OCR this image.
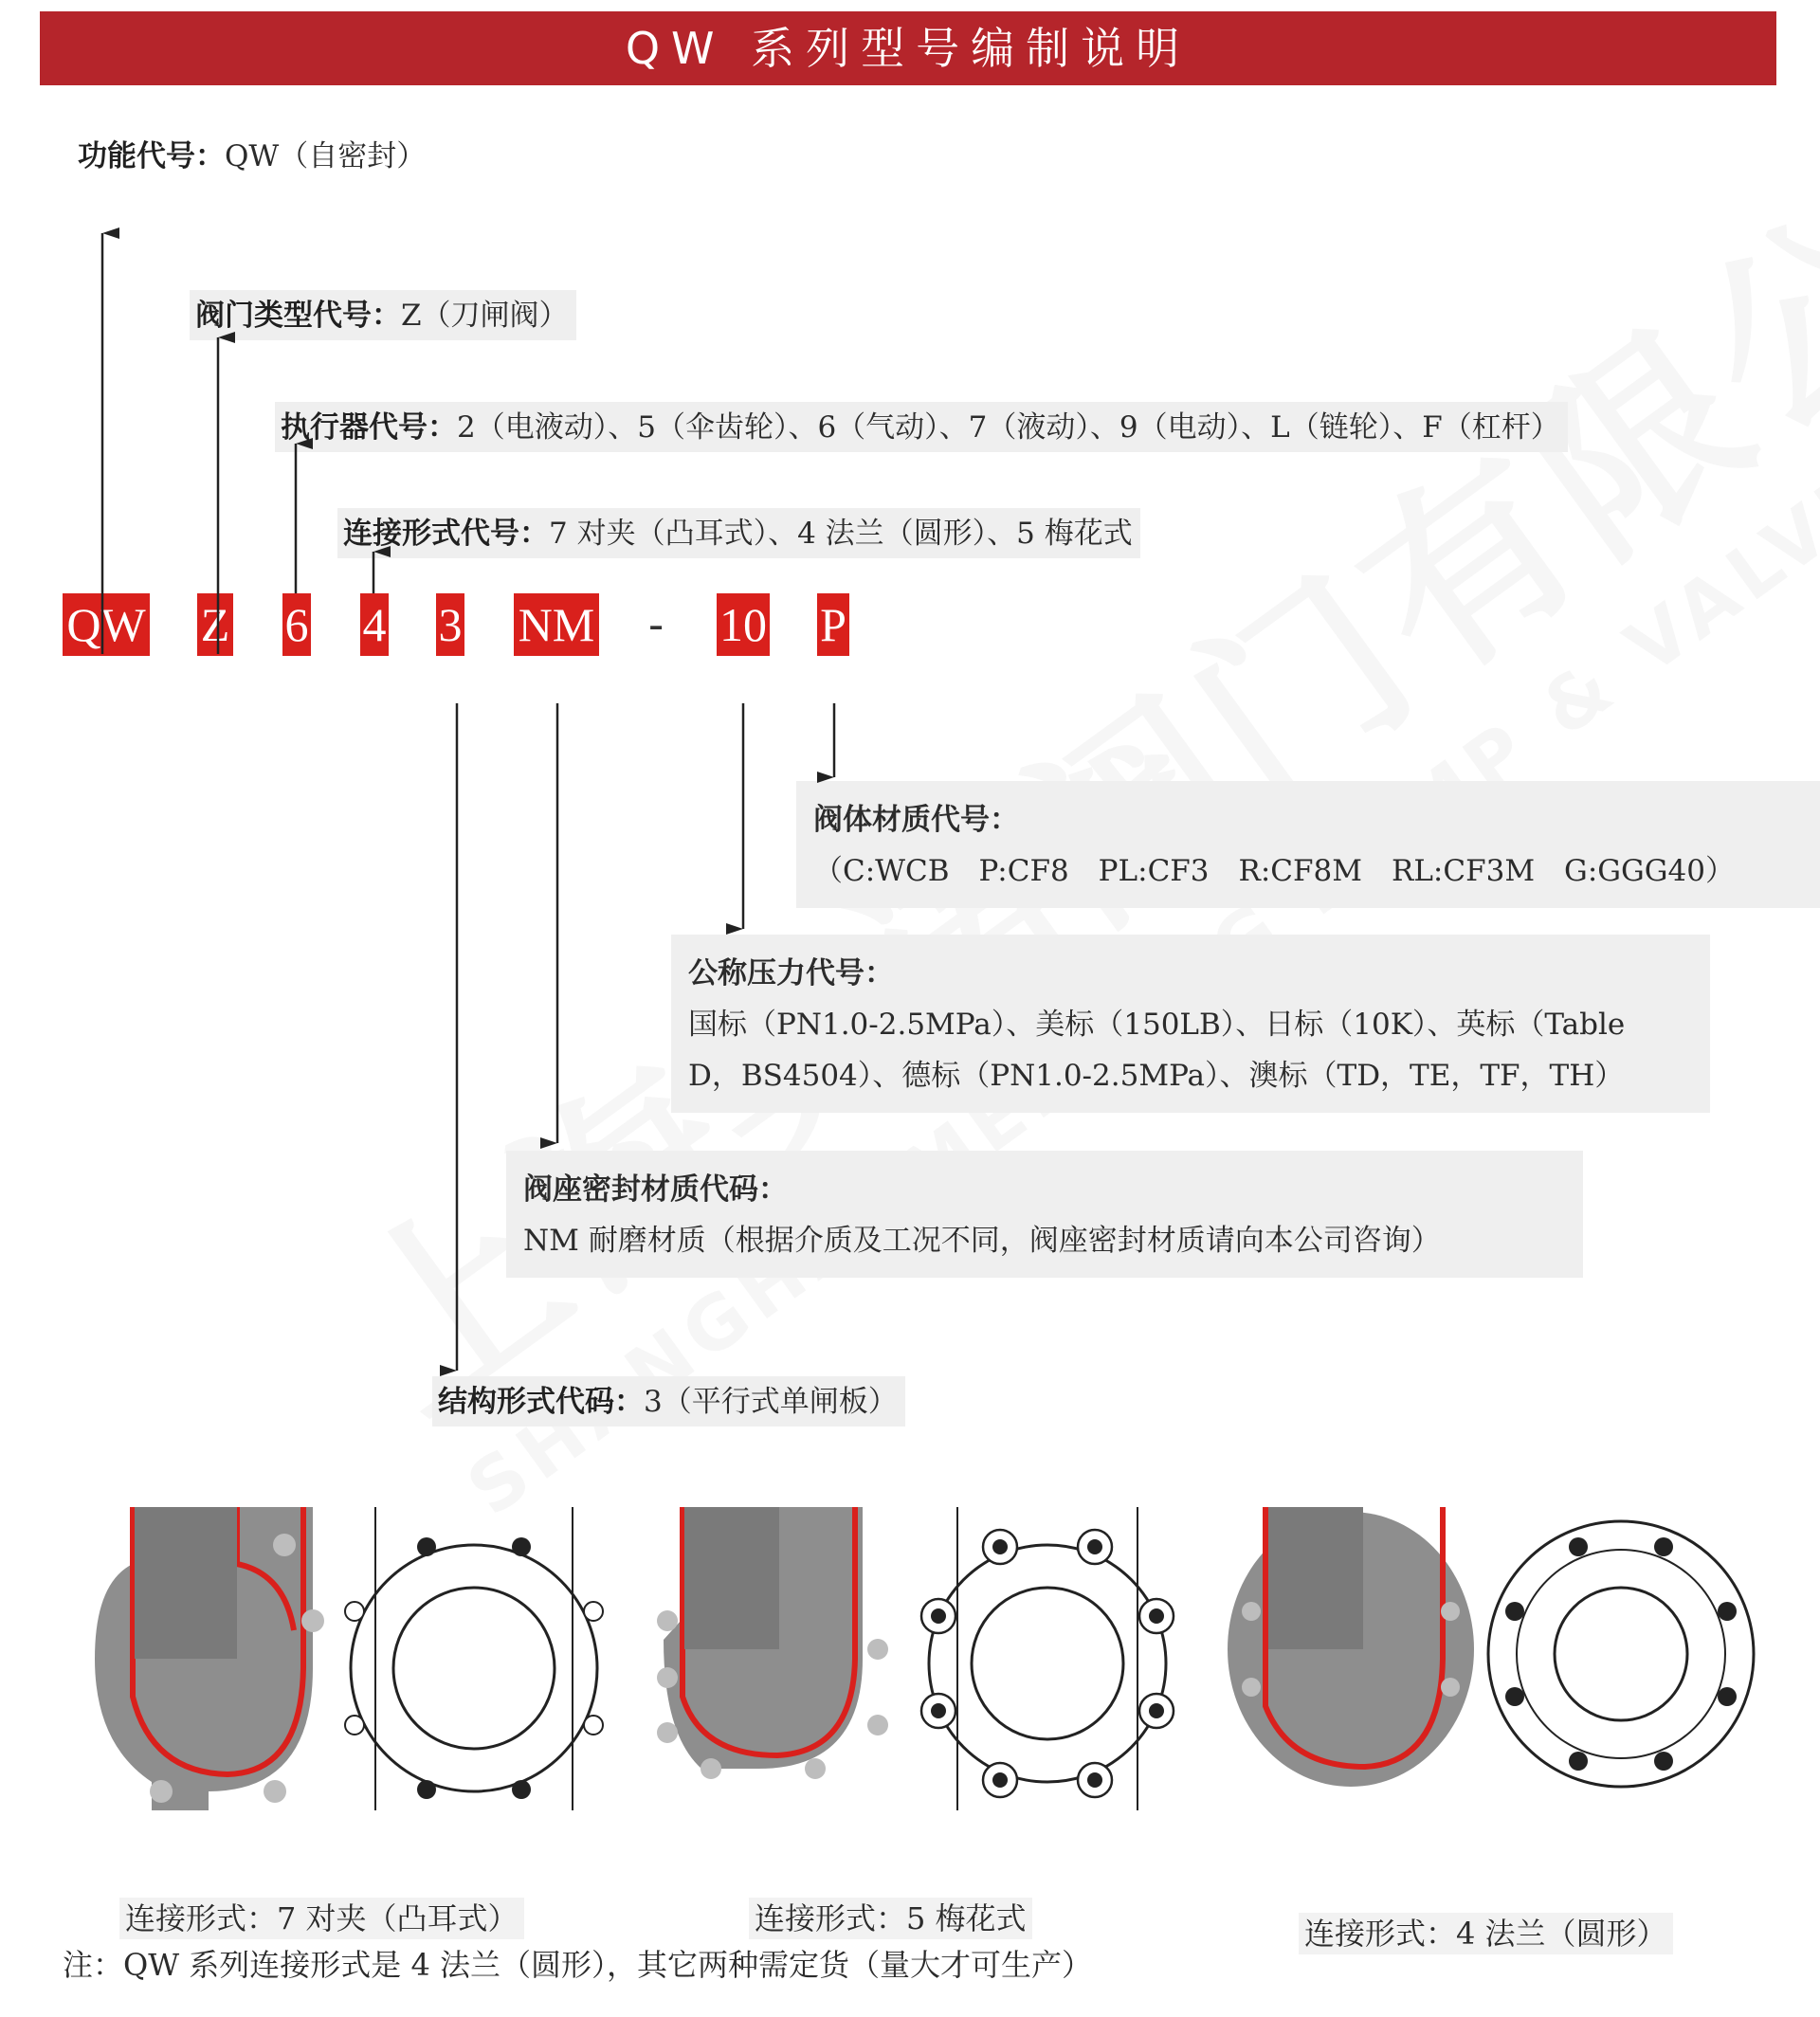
QW 系列型号编制说明
功能代号：QW（自密封）
阀门类型代号：Z（刀闸阀）
执行器代号：2（电液动）、5（伞齿轮）、6（气动）、7（液动）、9（电动）、L（链轮）、F（杠杆）
连接形式代号：7 对夹（凸耳式）、4 法兰（圆形）、5 梅花式
QW Z 6 4 3 NM - 10 P
阀体材质代号：
（C:WCB　P:CF8　PL:CF3　R:CF8M　RL:CF3M　G:GGG40）
公称压力代号：
国标（PN1.0-2.5MPa）、美标（150LB）、日标（10K）、英标（Table
D，BS4504）、德标（PN1.0-2.5MPa）、澳标（TD，TE，TF，TH）
阀座密封材质代码：
NM 耐磨材质（根据介质及工况不同，阀座密封材质请向本公司咨询）
结构形式代码：3（平行式单闸板）
连接形式：7 对夹（凸耳式）	连接形式：5 梅花式	连接形式：4 法兰（圆形）
注：QW 系列连接形式是 4 法兰（圆形），其它两种需定货（量大才可生产）
